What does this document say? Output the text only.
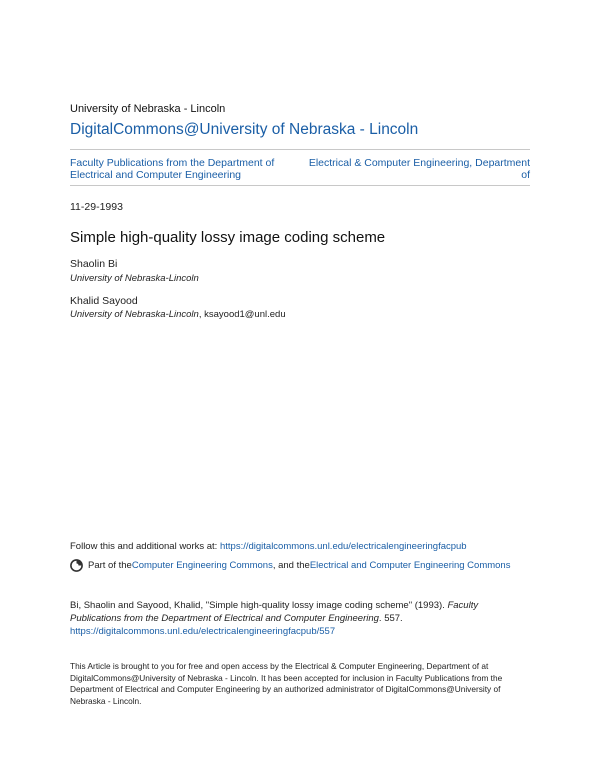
University of Nebraska - Lincoln
DigitalCommons@University of Nebraska - Lincoln
Faculty Publications from the Department of Electrical and Computer Engineering
Electrical & Computer Engineering, Department of
11-29-1993
Simple high-quality lossy image coding scheme
Shaolin Bi
University of Nebraska-Lincoln
Khalid Sayood
University of Nebraska-Lincoln, ksayood1@unl.edu
Follow this and additional works at: https://digitalcommons.unl.edu/electricalengineeringfacpub
Part of the Computer Engineering Commons , and the Electrical and Computer Engineering Commons
Bi, Shaolin and Sayood, Khalid, "Simple high-quality lossy image coding scheme" (1993). Faculty Publications from the Department of Electrical and Computer Engineering. 557.
https://digitalcommons.unl.edu/electricalengineeringfacpub/557
This Article is brought to you for free and open access by the Electrical & Computer Engineering, Department of at DigitalCommons@University of Nebraska - Lincoln. It has been accepted for inclusion in Faculty Publications from the Department of Electrical and Computer Engineering by an authorized administrator of DigitalCommons@University of Nebraska - Lincoln.
